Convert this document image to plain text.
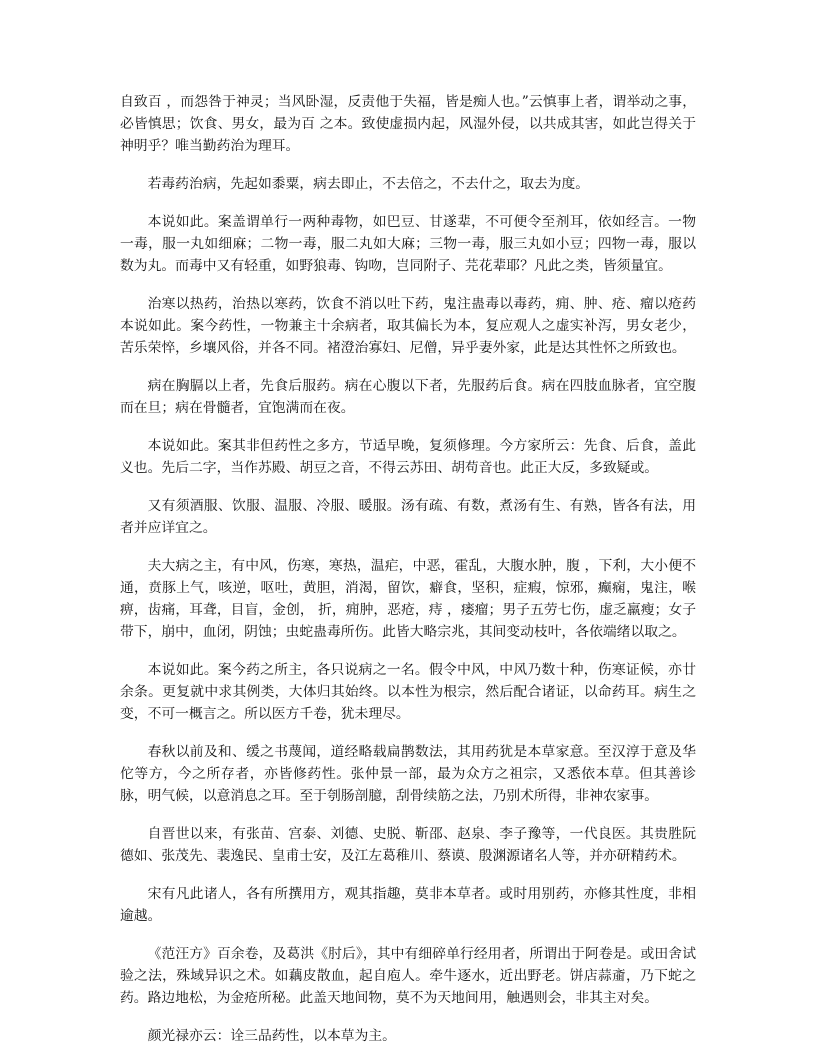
自致百 ，而怨咎于神灵；当风卧湿，反责他于失福，皆是痴人也。”云慎事上者，谓举动之事，必皆慎思；饮食、男女，最为百 之本。致使虚损内起，风湿外侵，以共成其害，如此岂得关于神明乎？唯当勤药治为理耳。

若毒药治病，先起如黍粟，病去即止，不去倍之，不去什之，取去为度。

本说如此。案盖谓单行一两种毒物，如巴豆、甘遂辈，不可便令至剂耳，依如经言。一物一毒，服一丸如细麻；二物一毒，服二丸如大麻；三物一毒，服三丸如小豆；四物一毒，服以数为丸。而毒中又有轻重，如野狼毒、钩吻，岂同附子、芫花辈耶？凡此之类，皆须量宜。

治寒以热药，治热以寒药，饮食不消以吐下药，鬼注蛊毒以毒药，痈、肿、疮、瘤以疮药本说如此。案今药性，一物兼主十余病者，取其偏长为本，复应观人之虚实补泻，男女老少，苦乐荣悴，乡壤风俗，并各不同。褚澄治寡妇、尼僧，异乎妻外家，此是达其性怀之所致也。

病在胸膈以上者，先食后服药。病在心腹以下者，先服药后食。病在四肢血脉者，宜空腹而在旦；病在骨髓者，宜饱满而在夜。

本说如此。案其非但药性之多方，节适早晚，复须修理。今方家所云：先食、后食，盖此义也。先后二字，当作苏殿、胡豆之音，不得云苏田、胡苟音也。此正大反，多致疑或。

又有须酒服、饮服、温服、冷服、暖服。汤有疏、有数，煮汤有生、有熟，皆各有法，用者并应详宜之。

夫大病之主，有中风，伤寒，寒热，温疟，中恶，霍乱，大腹水肿，腹 ，下利，大小便不通，贲豚上气，咳逆，呕吐，黄胆，消渴，留饮，癖食，坚积，症瘕，惊邪，癫痫，鬼注，喉痹，齿痛，耳聋，目盲，金创， 折，痈肿，恶疮，痔 ，瘘瘤；男子五劳七伤，虚乏羸瘦；女子带下，崩中，血闭，阴蚀；虫蛇蛊毒所伤。此皆大略宗兆，其间变动枝叶，各依端绪以取之。

本说如此。案今药之所主，各只说病之一名。假令中风，中风乃数十种，伤寒证候，亦廿余条。更复就中求其例类，大体归其始终。以本性为根宗，然后配合诸证，以命药耳。病生之变，不可一概言之。所以医方千卷，犹未理尽。

春秋以前及和、缓之书蔑闻，道经略载扁鹊数法，其用药犹是本草家意。至汉淳于意及华佗等方，今之所存者，亦皆修药性。张仲景一部，最为众方之祖宗，又悉依本草。但其善诊脉，明气候，以意消息之耳。至于刳肠剖臆，刮骨续筋之法，乃别术所得，非神农家事。

自晋世以来，有张苗、宫泰、刘德、史脱、靳邵、赵泉、李子豫等，一代良医。其贵胜阮德如、张茂先、裴逸民、皇甫士安，及江左葛稚川、蔡谟、殷渊源诸名人等，并亦研精药术。

宋有凡此诸人，各有所撰用方，观其指趣，莫非本草者。或时用别药，亦修其性度，非相逾越。

《范汪方》百余卷，及葛洪《肘后》，其中有细碎单行经用者，所谓出于阿卷是。或田舍试验之法，殊域异识之术。如藕皮散血，起自庖人。牵牛逐水，近出野老。饼店蒜齑，乃下蛇之药。路边地松，为金疮所秘。此盖天地间物，莫不为天地间用，触遇则会，非其主对矣。

颜光禄亦云：诠三品药性，以本草为主。
